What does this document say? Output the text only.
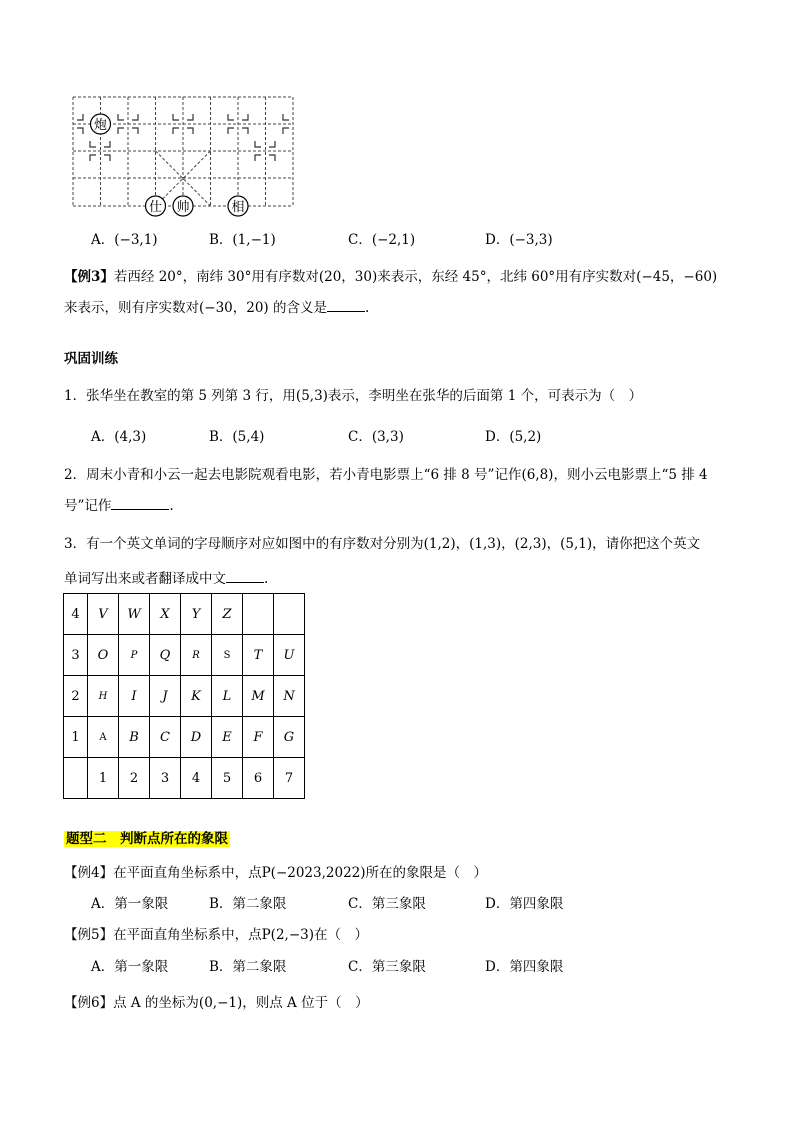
炮
仕 帅	相
A．(−3,1)	B．(1,−1)	C．(−2,1)	D．(−3,3)
【例3】若西经 20°，南纬 30°用有序数对(20，30)来表示，东经 45°，北纬 60°用有序实数对(−45，−60)
来表示，则有序实数对(−30，20) 的含义是	.
巩固训练
1．张华坐在教室的第 5 列第 3 行，用(5,3)表示，李明坐在张华的后面第 1 个，可表示为（　）
A．(4,3)	B．(5,4)	C．(3,3)	D．(5,2)
2．周末小青和小云一起去电影院观看电影，若小青电影票上“6 排 8 号”记作(6,8)，则小云电影票上“5 排 4
号”记作	.
3．有一个英文单词的字母顺序对应如图中的有序数对分别为(1,2)，(1,3)，(2,3)，(5,1)，请你把这个英文
单词写出来或者翻译成中文	.
4	V	W	X	Y	Z		
3	O	P	Q	R	S	T	U
2	H	I	J	K	L	M	N
1	A	B	C	D	E	F	G
	1	2	3	4	5	6	7
题型二　判断点所在的象限
【例4】在平面直角坐标系中，点P(−2023,2022)所在的象限是（　）
A．第一象限	B．第二象限	C．第三象限	D．第四象限
【例5】在平面直角坐标系中，点P(2,−3)在（　）
A．第一象限	B．第二象限	C．第三象限	D．第四象限
【例6】点 A 的坐标为(0,−1)，则点 A 位于（　）
